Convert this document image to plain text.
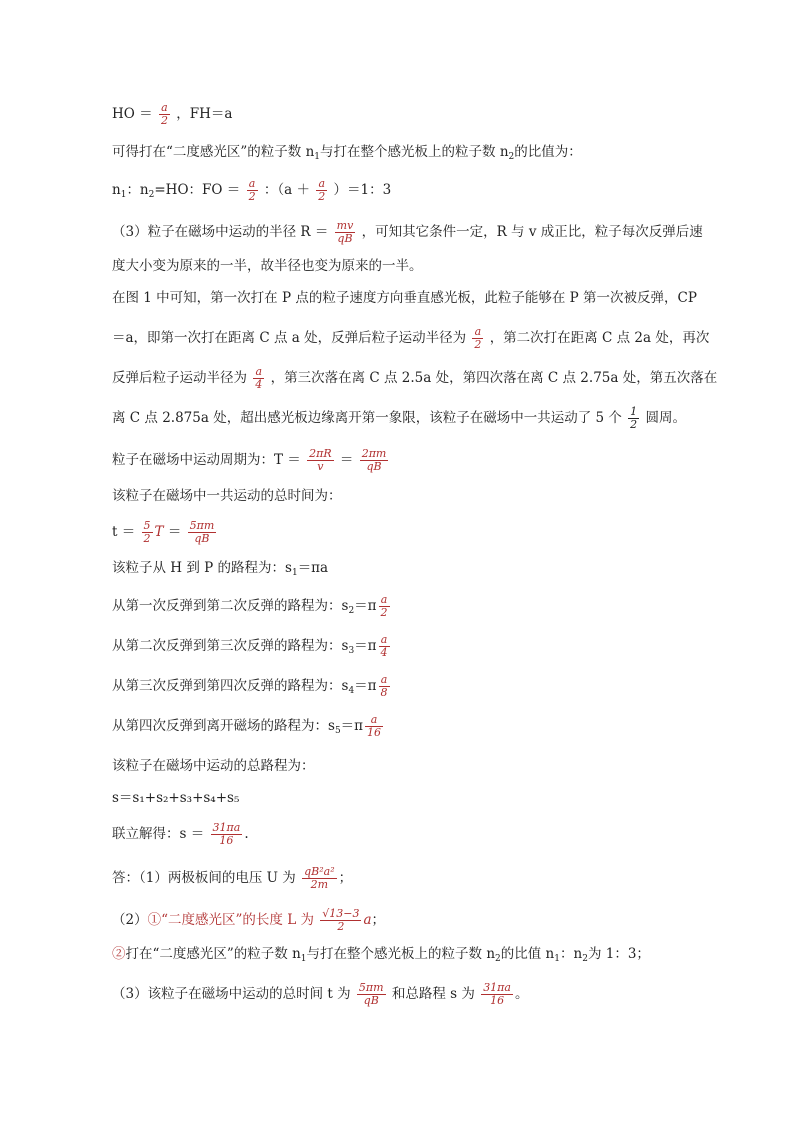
HO ＝ $\frac{a}{2}$ ，FH＝a
可得打在“二度感光区”的粒子数 $n_1$与打在整个感光板上的粒子数 $n_2$的比值为：
$n_1$：$n_2=HO$：FO ＝ $\frac{a}{2}$ ：$(a + \frac{a}{2} )=1$：3
（3）粒子在磁场中运动的半径 $R = \frac{mv}{qB}$ ，可知其它条件一定，R 与 v 成正比，粒子每次反弹后速
度大小变为原来的一半，故半径也变为原来的一半。
在图 1 中可知，第一次打在 P 点的粒子速度方向垂直感光板，此粒子能够在 P 第一次被反弹，CP
＝a，即第一次打在距离 C 点 a 处，反弹后粒子运动半径为 $\frac{a}{2}$ ，第二次打在距离 C 点 2a 处，再次
反弹后粒子运动半径为 $\frac{a}{4}$ ，第三次落在离 C 点 2.5a 处，第四次落在离 C 点 2.75a 处，第五次落在
离 C 点 2.875a 处，超出感光板边缘离开第一象限，该粒子在磁场中一共运动了 5 个 $\frac{1}{2}$ 圆周。
粒子在磁场中运动周期为：$T = \frac{2\pi R}{v} = \frac{2\pi m}{qB}$
该粒子在磁场中一共运动的总时间为：
$t = \frac{5}{2}$ $T = \frac{5\pi m}{qB}$
该粒子从 H 到 P 的路程为：$s_1=\pi a$
从第一次反弹到第二次反弹的路程为：$s_2=\pi \frac{a}{2}$
从第二次反弹到第三次反弹的路程为：$s_3=\pi \frac{a}{4}$
从第三次反弹到第四次反弹的路程为：$s_4=\pi \frac{a}{8}$
从第四次反弹到离开磁场的路程为：$s_5=\pi \frac{a}{16}$
该粒子在磁场中运动的总路程为：
s＝s₁+s₂+s₃+s₄+s₅
联立解得：$s = \frac{31\pi a}{16}$ .
答：（1）两极板间的电压 U 为 $\frac{\text{qB²a²}}{2m}$ ；
（2）①“二度感光区”的长度 L 为 $\frac{√13-3}{2}$ a；
②打在“二度感光区”的粒子数 $n_1$与打在整个感光板上的粒子数 $n_2$的比值 $n_1$：$n_2$为 1：3；
（3）该粒子在磁场中运动的总时间 t 为 $\frac{5\pi m}{qB}$ 和总路程 s 为 $\frac{31\pi a}{16}$ 。
